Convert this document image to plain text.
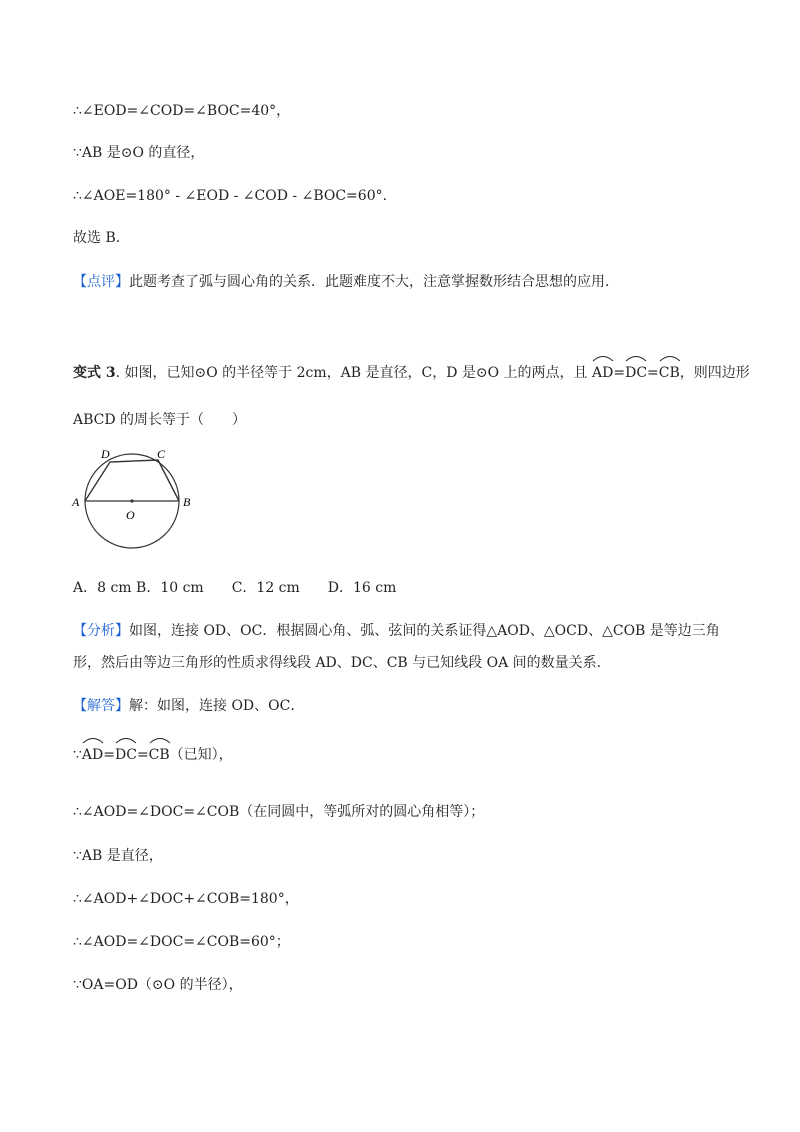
∴∠EOD=∠COD=∠BOC=40°，
∵AB 是⊙O 的直径，
∴∠AOE=180° - ∠EOD - ∠COD - ∠BOC=60°.
故选 B.
【点评】此题考查了弧与圆心角的关系．此题难度不大，注意掌握数形结合思想的应用．
变式 3. 如图，已知⊙O 的半径等于 2cm，AB 是直径，C，D 是⊙O 上的两点，且 AD=
DC=
CB，则四边形
ABCD 的周长等于（　　）
D	C
A	B
O
A．8 cm B．10 cm　　C．12 cm　　D．16 cm
【分析】如图，连接 OD、OC．根据圆心角、弧、弦间的关系证得△AOD、△OCD、△COB 是等边三角
形，然后由等边三角形的性质求得线段 AD、DC、CB 与已知线段 OA 间的数量关系．
【解答】解：如图，连接 OD、OC．
∵
AD=
DC=
CB（已知），
∴∠AOD=∠DOC=∠COB（在同圆中，等弧所对的圆心角相等）；
∵AB 是直径，
∴∠AOD+∠DOC+∠COB=180°，
∴∠AOD=∠DOC=∠COB=60°；
∵OA=OD（⊙O 的半径），
